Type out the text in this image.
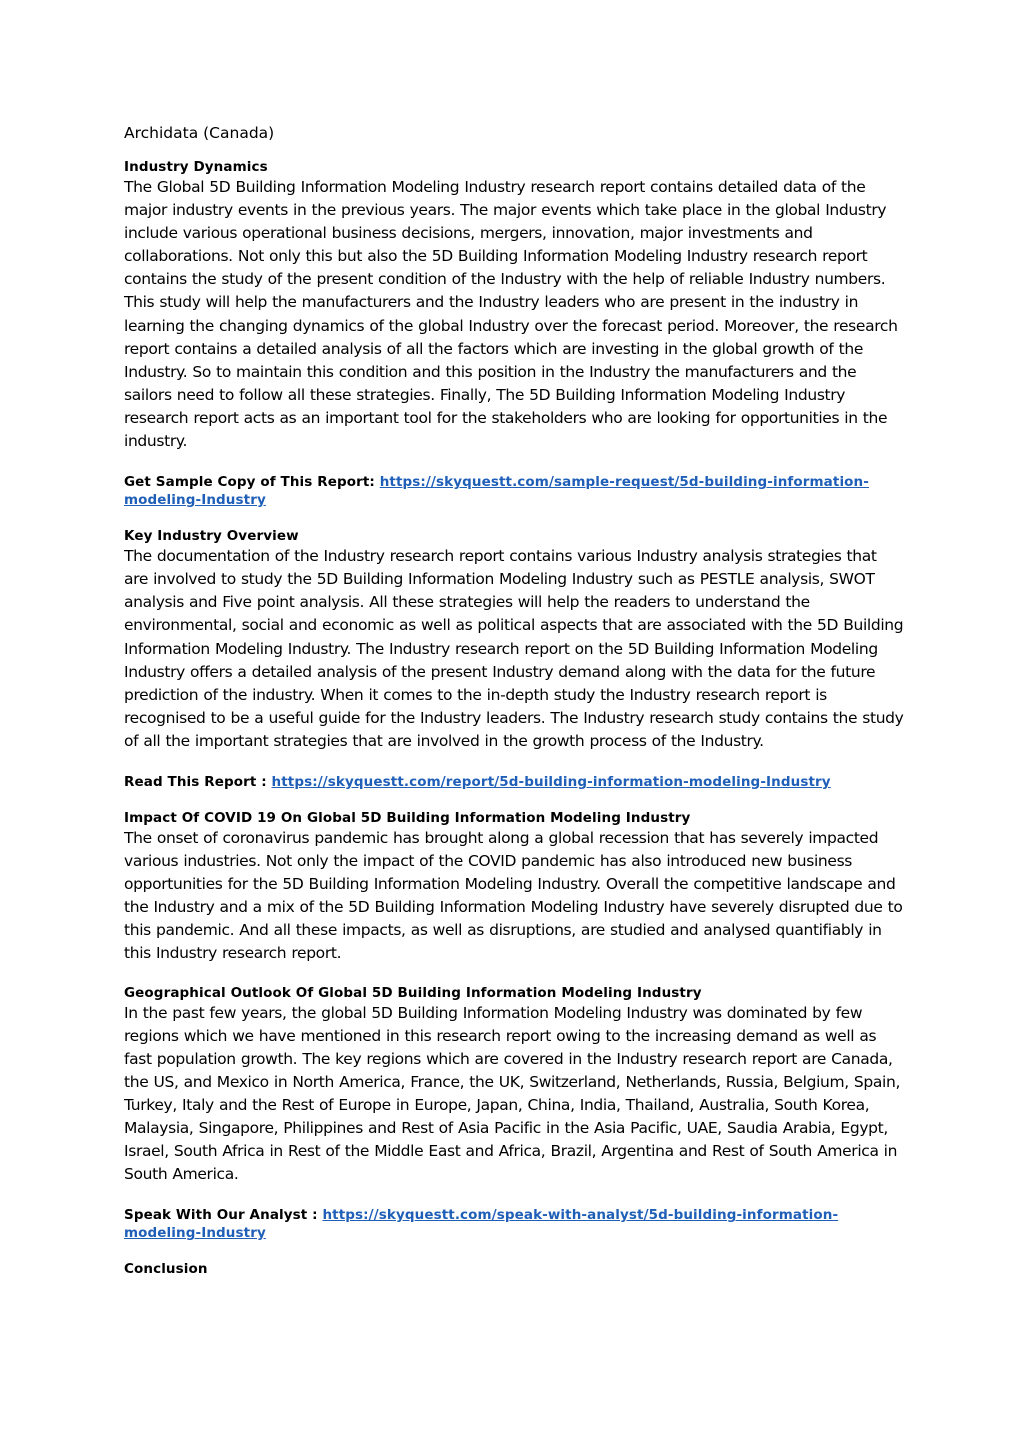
Archidata (Canada)

Industry Dynamics

The Global 5D Building Information Modeling Industry research report contains detailed data of the major industry events in the previous years. The major events which take place in the global Industry include various operational business decisions, mergers, innovation, major investments and collaborations. Not only this but also the 5D Building Information Modeling Industry research report contains the study of the present condition of the Industry with the help of reliable Industry numbers. This study will help the manufacturers and the Industry leaders who are present in the industry in learning the changing dynamics of the global Industry over the forecast period. Moreover, the research report contains a detailed analysis of all the factors which are investing in the global growth of the Industry. So to maintain this condition and this position in the Industry the manufacturers and the sailors need to follow all these strategies. Finally, The 5D Building Information Modeling Industry research report acts as an important tool for the stakeholders who are looking for opportunities in the industry.

Get Sample Copy of This Report: https://skyquestt.com/sample-request/5d-building-information-modeling-Industry

Key Industry Overview

The documentation of the Industry research report contains various Industry analysis strategies that are involved to study the 5D Building Information Modeling Industry such as PESTLE analysis, SWOT analysis and Five point analysis. All these strategies will help the readers to understand the environmental, social and economic as well as political aspects that are associated with the 5D Building Information Modeling Industry. The Industry research report on the 5D Building Information Modeling Industry offers a detailed analysis of the present Industry demand along with the data for the future prediction of the industry. When it comes to the in-depth study the Industry research report is recognised to be a useful guide for the Industry leaders. The Industry research study contains the study of all the important strategies that are involved in the growth process of the Industry.

Read This Report : https://skyquestt.com/report/5d-building-information-modeling-Industry

Impact Of COVID 19 On Global 5D Building Information Modeling Industry

The onset of coronavirus pandemic has brought along a global recession that has severely impacted various industries. Not only the impact of the COVID pandemic has also introduced new business opportunities for the 5D Building Information Modeling Industry. Overall the competitive landscape and the Industry and a mix of the 5D Building Information Modeling Industry have severely disrupted due to this pandemic. And all these impacts, as well as disruptions, are studied and analysed quantifiably in this Industry research report.

Geographical Outlook Of Global 5D Building Information Modeling Industry

In the past few years, the global 5D Building Information Modeling Industry was dominated by few regions which we have mentioned in this research report owing to the increasing demand as well as fast population growth. The key regions which are covered in the Industry research report are Canada, the US, and Mexico in North America, France, the UK, Switzerland, Netherlands, Russia, Belgium, Spain, Turkey, Italy and the Rest of Europe in Europe, Japan, China, India, Thailand, Australia, South Korea, Malaysia, Singapore, Philippines and Rest of Asia Pacific in the Asia Pacific, UAE, Saudia Arabia, Egypt, Israel, South Africa in Rest of the Middle East and Africa, Brazil, Argentina and Rest of South America in South America.

Speak With Our Analyst : https://skyquestt.com/speak-with-analyst/5d-building-information-modeling-Industry

Conclusion
